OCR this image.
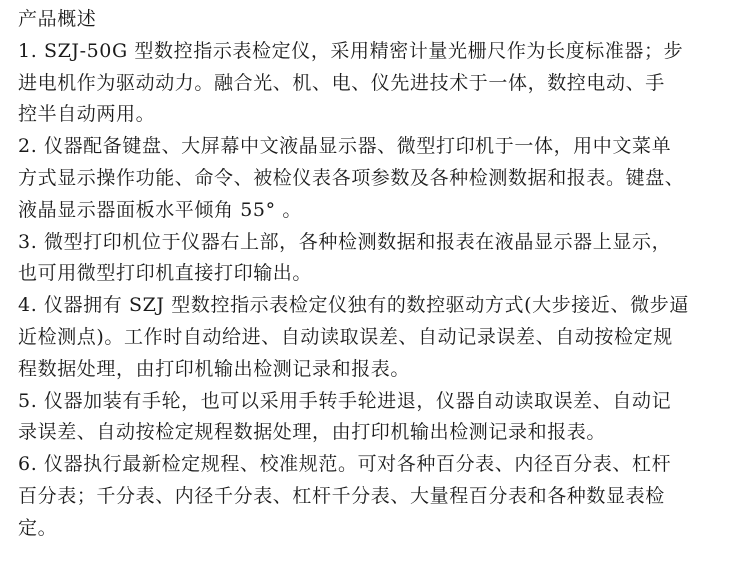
产品概述
1. SZJ-50G 型数控指示表检定仪，采用精密计量光栅尺作为长度标准器；步
进电机作为驱动动力。融合光、机、电、仪先进技术于一体，数控电动、手
控半自动两用。
2. 仪器配备键盘、大屏幕中文液晶显示器、微型打印机于一体，用中文菜单
方式显示操作功能、命令、被检仪表各项参数及各种检测数据和报表。键盘、
液晶显示器面板水平倾角 55° 。
3. 微型打印机位于仪器右上部，各种检测数据和报表在液晶显示器上显示，
也可用微型打印机直接打印输出。
4. 仪器拥有 SZJ 型数控指示表检定仪独有的数控驱动方式(大步接近、微步逼
近检测点)。工作时自动给进、自动读取误差、自动记录误差、自动按检定规
程数据处理，由打印机输出检测记录和报表。
5. 仪器加装有手轮，也可以采用手转手轮进退，仪器自动读取误差、自动记
录误差、自动按检定规程数据处理，由打印机输出检测记录和报表。
6. 仪器执行最新检定规程、校准规范。可对各种百分表、内径百分表、杠杆
百分表；千分表、内径千分表、杠杆千分表、大量程百分表和各种数显表检
定。
